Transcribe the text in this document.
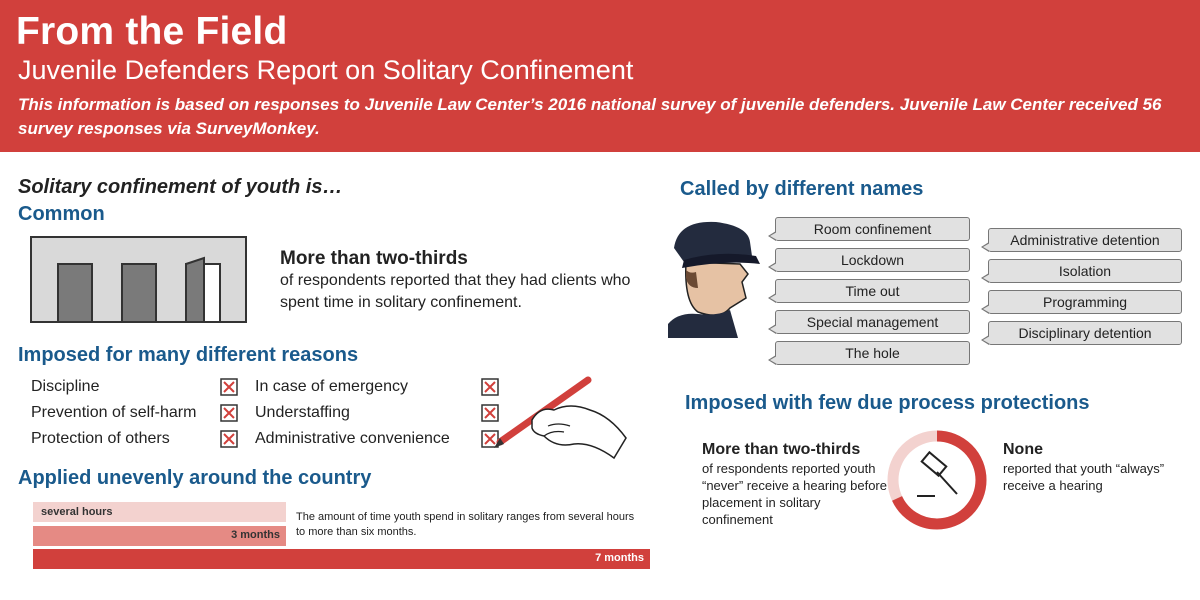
From the Field
Juvenile Defenders Report on Solitary Confinement
This information is based on responses to Juvenile Law Center’s 2016 national survey of juvenile defenders. Juvenile Law Center received 56 survey responses via SurveyMonkey.
Solitary confinement of youth is…
Common
More than two-thirds
of respondents reported that they had clients who spent time in solitary confinement.
Imposed for many different reasons
Discipline
Prevention of self-harm
Protection of others
In case of emergency
Understaffing
Administrative convenience
Applied unevenly around the country
several hours
3 months
7 months
The amount of time youth spend in solitary ranges from several hours to more than six months.
Called by different names
Room confinement
Lockdown
Time out
Special management
The hole
Administrative detention
Isolation
Programming
Disciplinary detention
Imposed with few due process protections
More than two-thirds
of respondents reported youth “never” receive a hearing before placement in solitary confinement
None
reported that youth “always” receive a hearing
